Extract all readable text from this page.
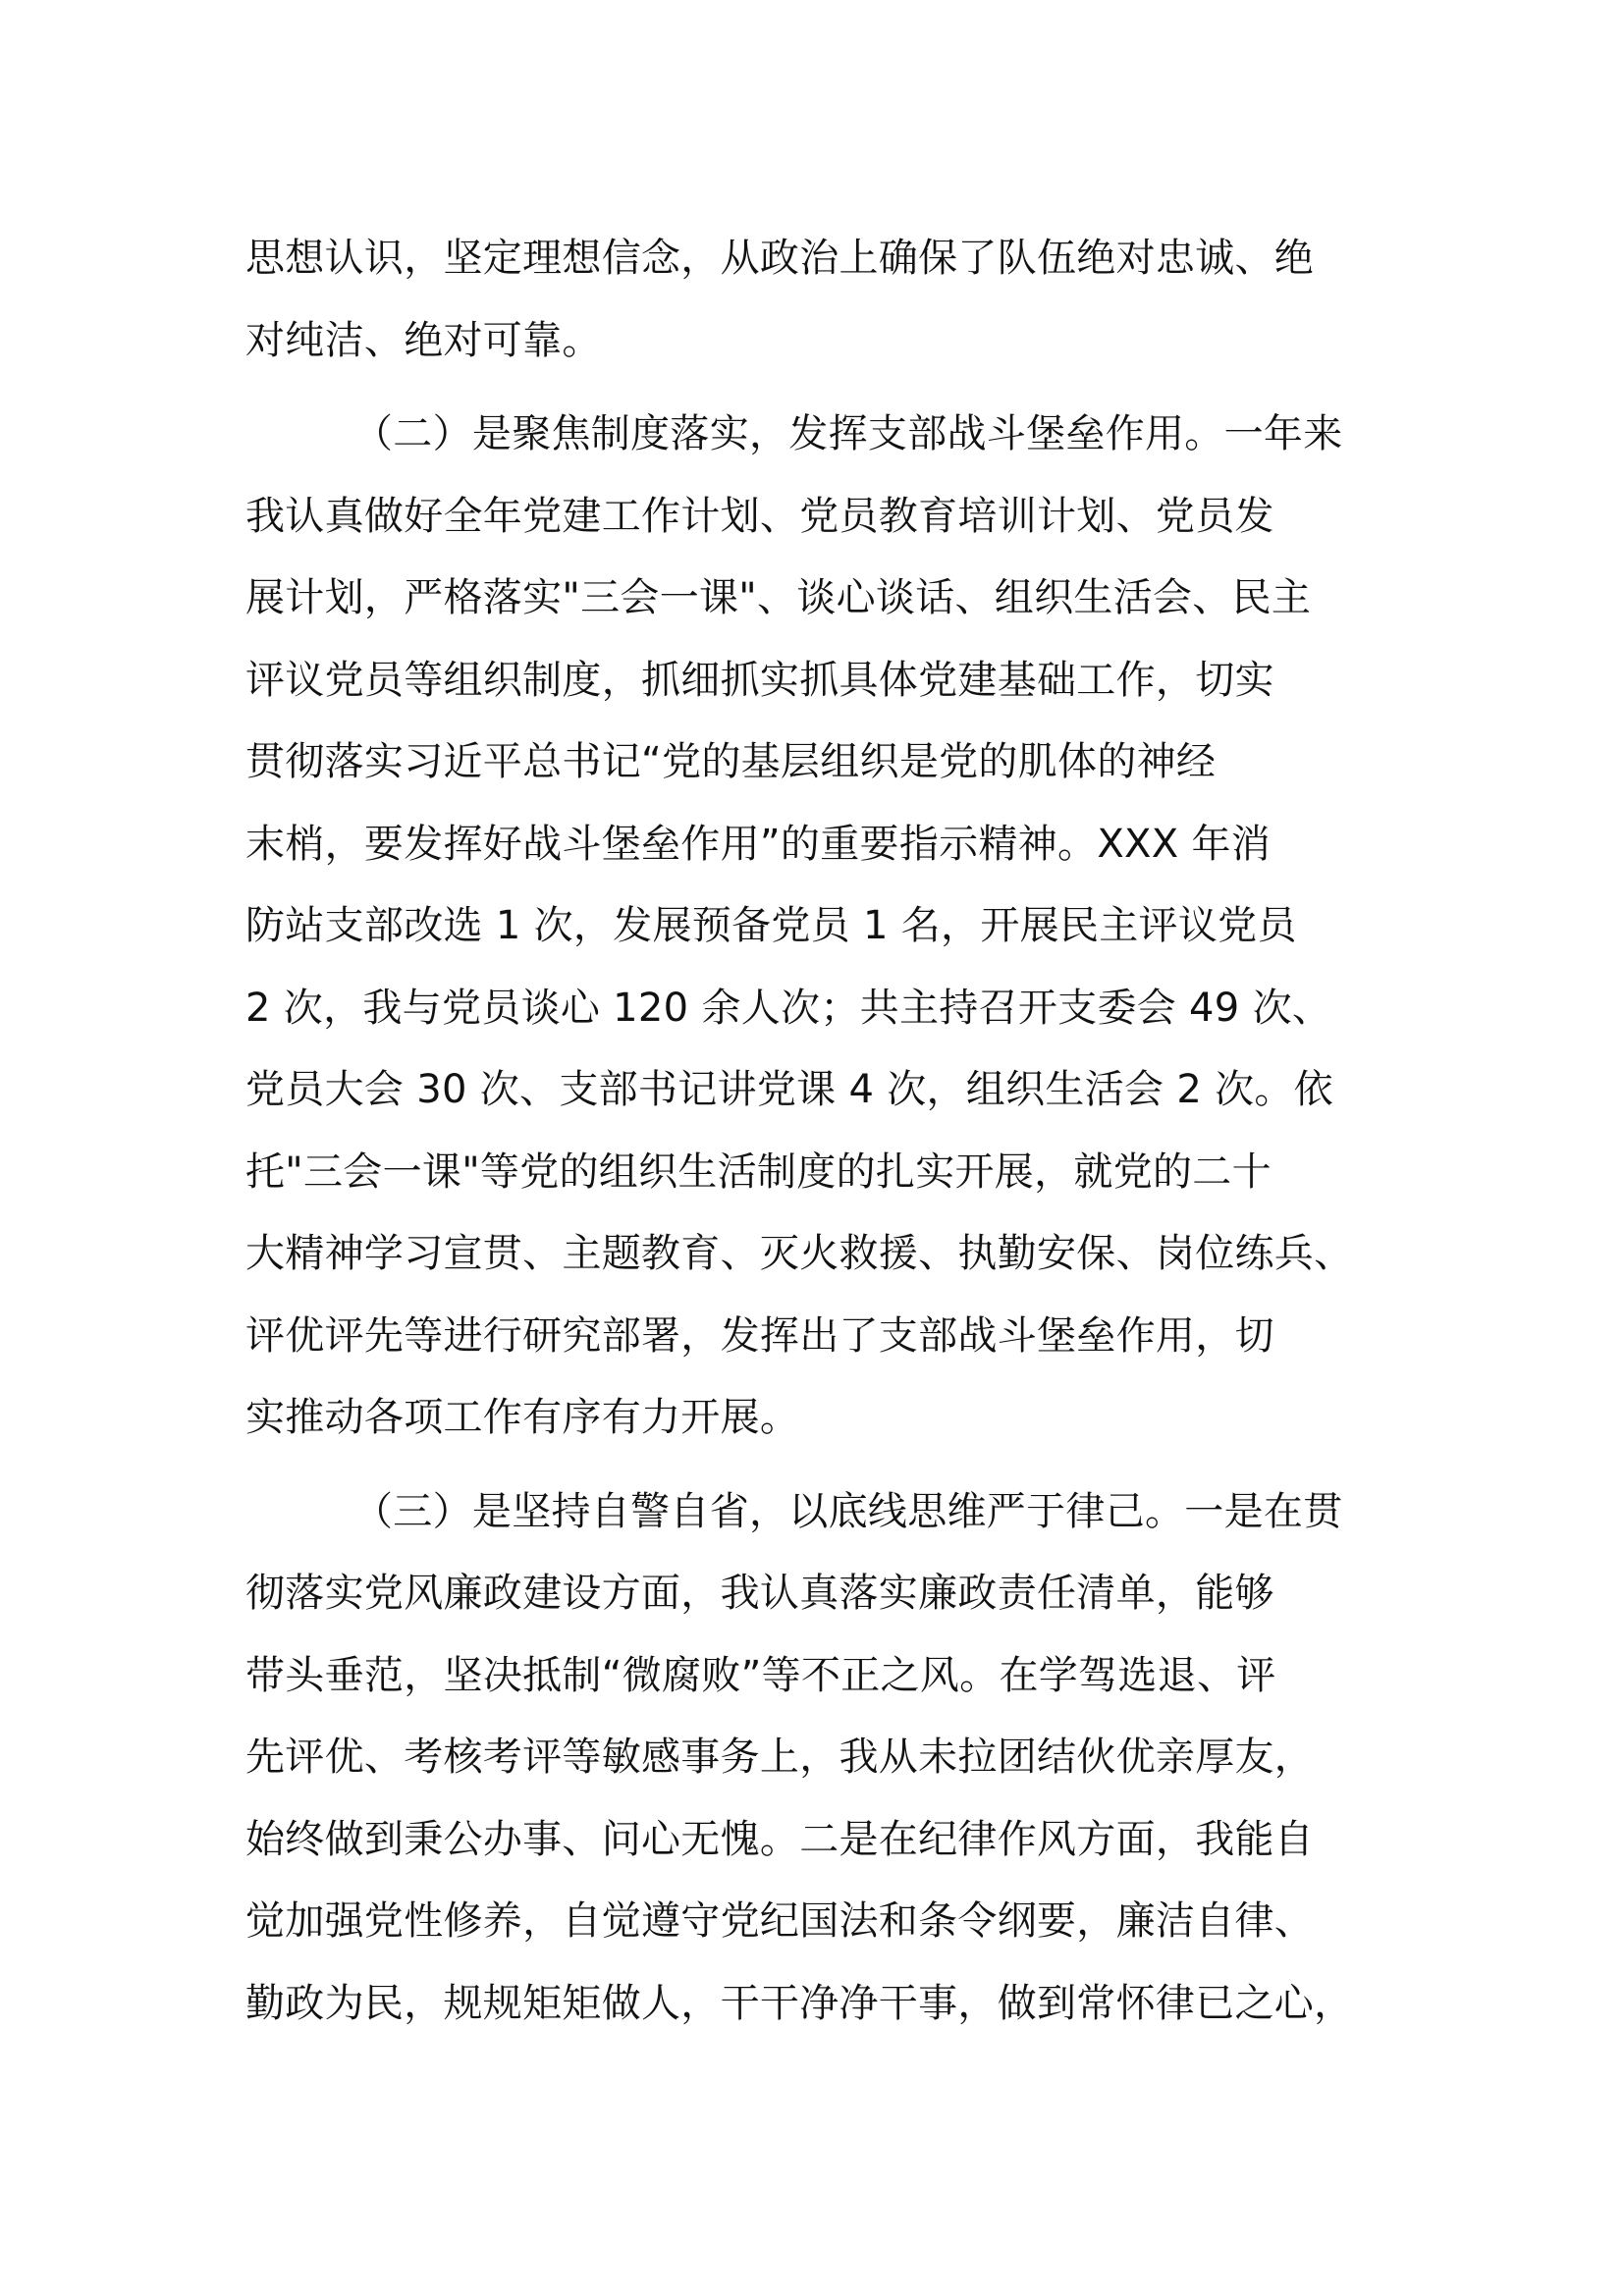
思想认识，坚定理想信念，从政治上确保了队伍绝对忠诚、绝
对纯洁、绝对可靠。
（二）是聚焦制度落实，发挥支部战斗堡垒作用。一年来
我认真做好全年党建工作计划、党员教育培训计划、党员发
展计划，严格落实"三会一课"、谈心谈话、组织生活会、民主
评议党员等组织制度，抓细抓实抓具体党建基础工作，切实
贯彻落实习近平总书记“党的基层组织是党的肌体的神经
末梢，要发挥好战斗堡垒作用”的重要指示精神。XXX 年消
防站支部改选 1 次，发展预备党员 1 名，开展民主评议党员
2 次，我与党员谈心 120 余人次；共主持召开支委会 49 次、
党员大会 30 次、支部书记讲党课 4 次，组织生活会 2 次。依
托"三会一课"等党的组织生活制度的扎实开展，就党的二十
大精神学习宣贯、主题教育、灭火救援、执勤安保、岗位练兵、
评优评先等进行研究部署，发挥出了支部战斗堡垒作用，切
实推动各项工作有序有力开展。
（三）是坚持自警自省，以底线思维严于律己。一是在贯
彻落实党风廉政建设方面，我认真落实廉政责任清单，能够
带头垂范，坚决抵制“微腐败”等不正之风。在学驾选退、评
先评优、考核考评等敏感事务上，我从未拉团结伙优亲厚友，
始终做到秉公办事、问心无愧。二是在纪律作风方面，我能自
觉加强党性修养，自觉遵守党纪国法和条令纲要，廉洁自律、
勤政为民，规规矩矩做人，干干净净干事，做到常怀律已之心，
